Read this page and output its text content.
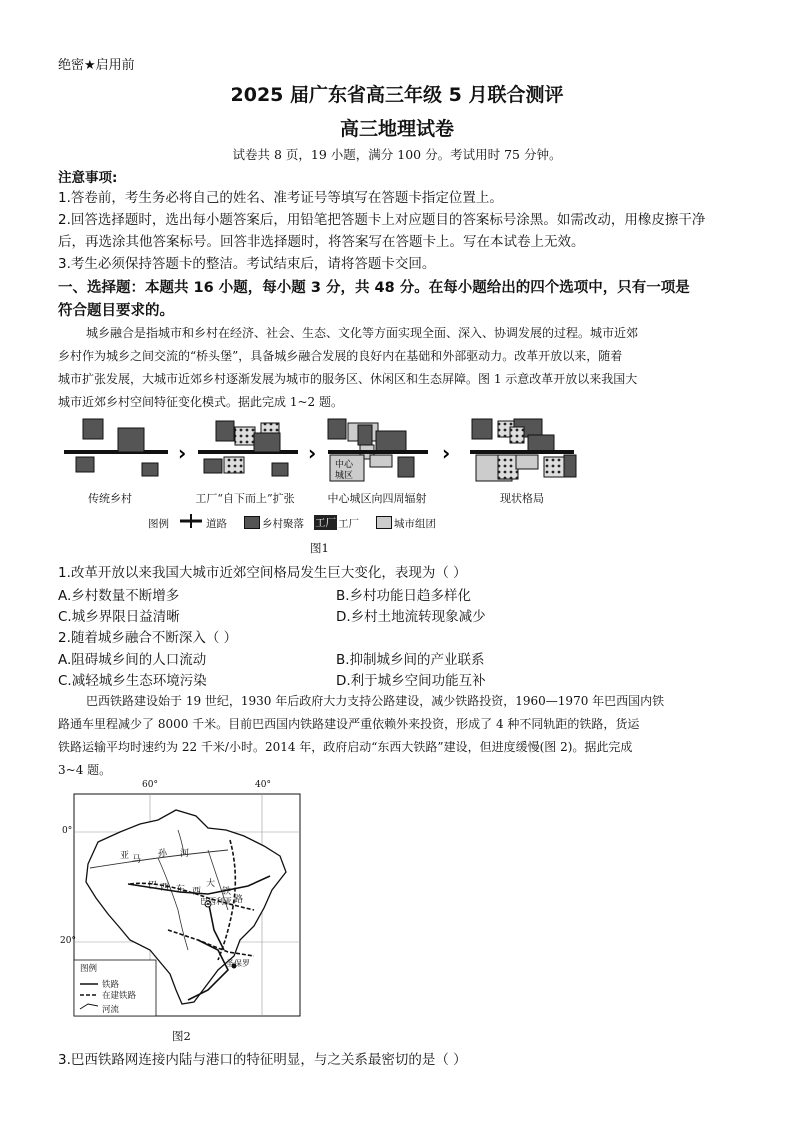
绝密★启用前
2025 届广东省高三年级 5 月联合测评
高三地理试卷
试卷共 8 页，19 小题，满分 100 分。考试用时 75 分钟。
注意事项:
1.答卷前，考生务必将自己的姓名、准考证号等填写在答题卡指定位置上。
2.回答选择题时，选出每小题答案后，用铅笔把答题卡上对应题目的答案标号涂黑。如需改动，用橡皮擦干净
后，再选涂其他答案标号。回答非选择题时，将答案写在答题卡上。写在本试卷上无效。
3.考生必须保持答题卡的整洁。考试结束后，请将答题卡交回。
一、选择题：本题共 16 小题，每小题 3 分，共 48 分。在每小题给出的四个选项中，只有一项是
符合题目要求的。
城乡融合是指城市和乡村在经济、社会、生态、文化等方面实现全面、深入、协调发展的过程。城市近郊
乡村作为城乡之间交流的“桥头堡”，具备城乡融合发展的良好内在基础和外部驱动力。改革开放以来，随着
城市扩张发展，大城市近郊乡村逐渐发展为城市的服务区、休闲区和生态屏障。图 1 示意改革开放以来我国大
城市近郊乡村空间特征变化模式。据此完成 1~2 题。
›	› 中心
城区
›
传统乡村	工厂“自下而上”扩张	中心城区向四周辐射	现状格局
图例	道路	乡村聚落 工厂 工厂	城市组团
图1
1.改革开放以来我国大城市近郊空间格局发生巨大变化，表现为（ ）
A.乡村数量不断增多	B.乡村功能日趋多样化
C.城乡界限日益清晰	D.乡村土地流转现象减少
2.随着城乡融合不断深入（ ）
A.阻碍城乡间的人口流动	B.抑制城乡间的产业联系
C.减轻城乡生态环境污染	D.利于城乡空间功能互补
巴西铁路建设始于 19 世纪，1930 年后政府大力支持公路建设，减少铁路投资，1960—1970 年巴西国内铁
路通车里程减少了 8000 千米。目前巴西国内铁路建设严重依赖外来投资，形成了 4 种不同轨距的铁路，货运
铁路运输平均时速约为 22 千米/小时。2014 年，政府启动“东西大铁路”建设，但进度缓慢(图 2)。据此完成
3~4 题。
60°	40°
0°
20°
亚 马
孙 河
巴 西 东 西
大
铁
路
巴西利亚
圣保罗
图例
铁路
在建铁路
河流
图2
3.巴西铁路网连接内陆与港口的特征明显，与之关系最密切的是（ ）
